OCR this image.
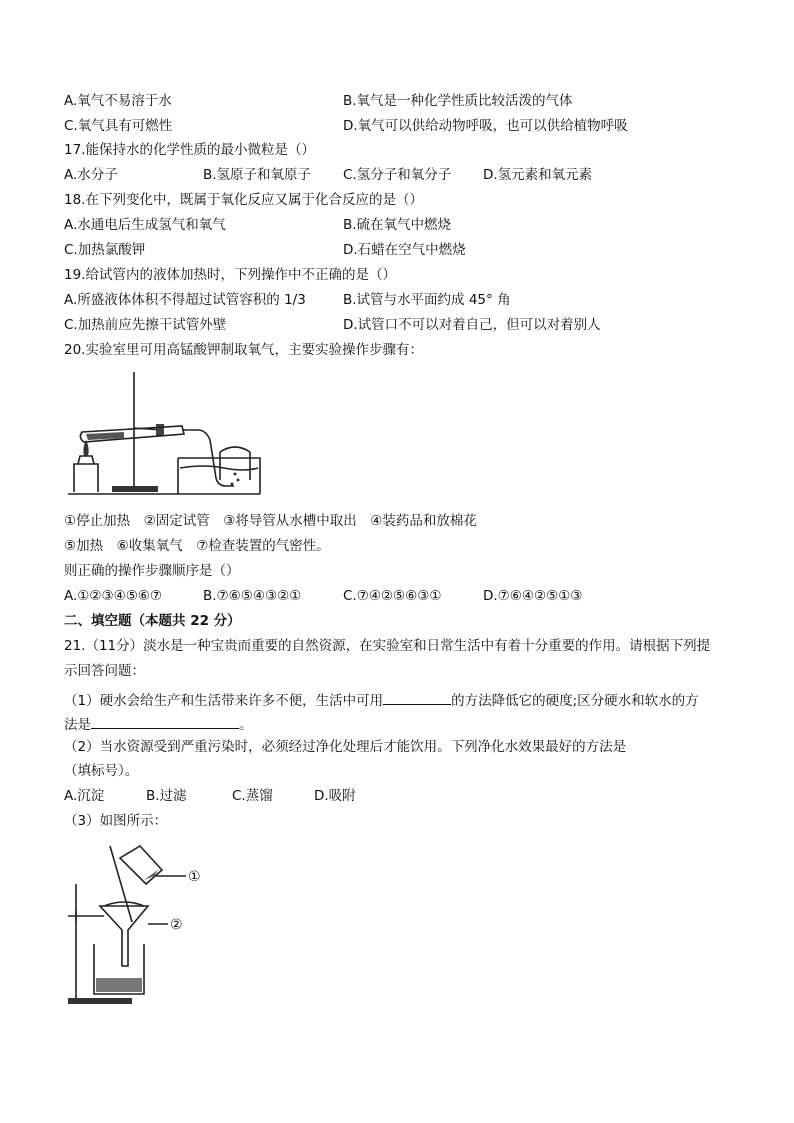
A.氧气不易溶于水	B.氧气是一种化学性质比较活泼的气体
C.氧气具有可燃性	D.氧气可以供给动物呼吸，也可以供给植物呼吸
17.能保持水的化学性质的最小微粒是（）
A.水分子	B.氢原子和氧原子 C.氢分子和氧分子 D.氢元素和氧元素
18.在下列变化中，既属于氧化反应又属于化合反应的是（）
A.水通电后生成氢气和氧气	B.硫在氧气中燃烧
C.加热氯酸钾	D.石蜡在空气中燃烧
19.给试管内的液体加热时，下列操作中不正确的是（）
A.所盛液体体积不得超过试管容积的 1/3	B.试管与水平面约成 45° 角
C.加热前应先擦干试管外壁	D.试管口不可以对着自己，但可以对着别人
20.实验室里可用高锰酸钾制取氧气，主要实验操作步骤有：
①停止加热　②固定试管　③将导管从水槽中取出　④装药品和放棉花
⑤加热　⑥收集氧气　⑦检查装置的气密性。
则正确的操作步骤顺序是（）
A.①②③④⑤⑥⑦	B.⑦⑥⑤④③②①	C.⑦④②⑤⑥③①	D.⑦⑥④②⑤①③
二、填空题（本题共 22 分）
21.（11分）淡水是一种宝贵而重要的自然资源，在实验室和日常生活中有着十分重要的作用。请根据下列提
示回答问题：
（1）硬水会给生产和生活带来许多不便，生活中可用	的方法降低它的硬度;区分硬水和软水的方
法是	。
（2）当水资源受到严重污染时，必须经过净化处理后才能饮用。下列净化水效果最好的方法是
（填标号）。
A.沉淀	B.过滤	C.蒸馏	D.吸附
（3）如图所示：
①
②
